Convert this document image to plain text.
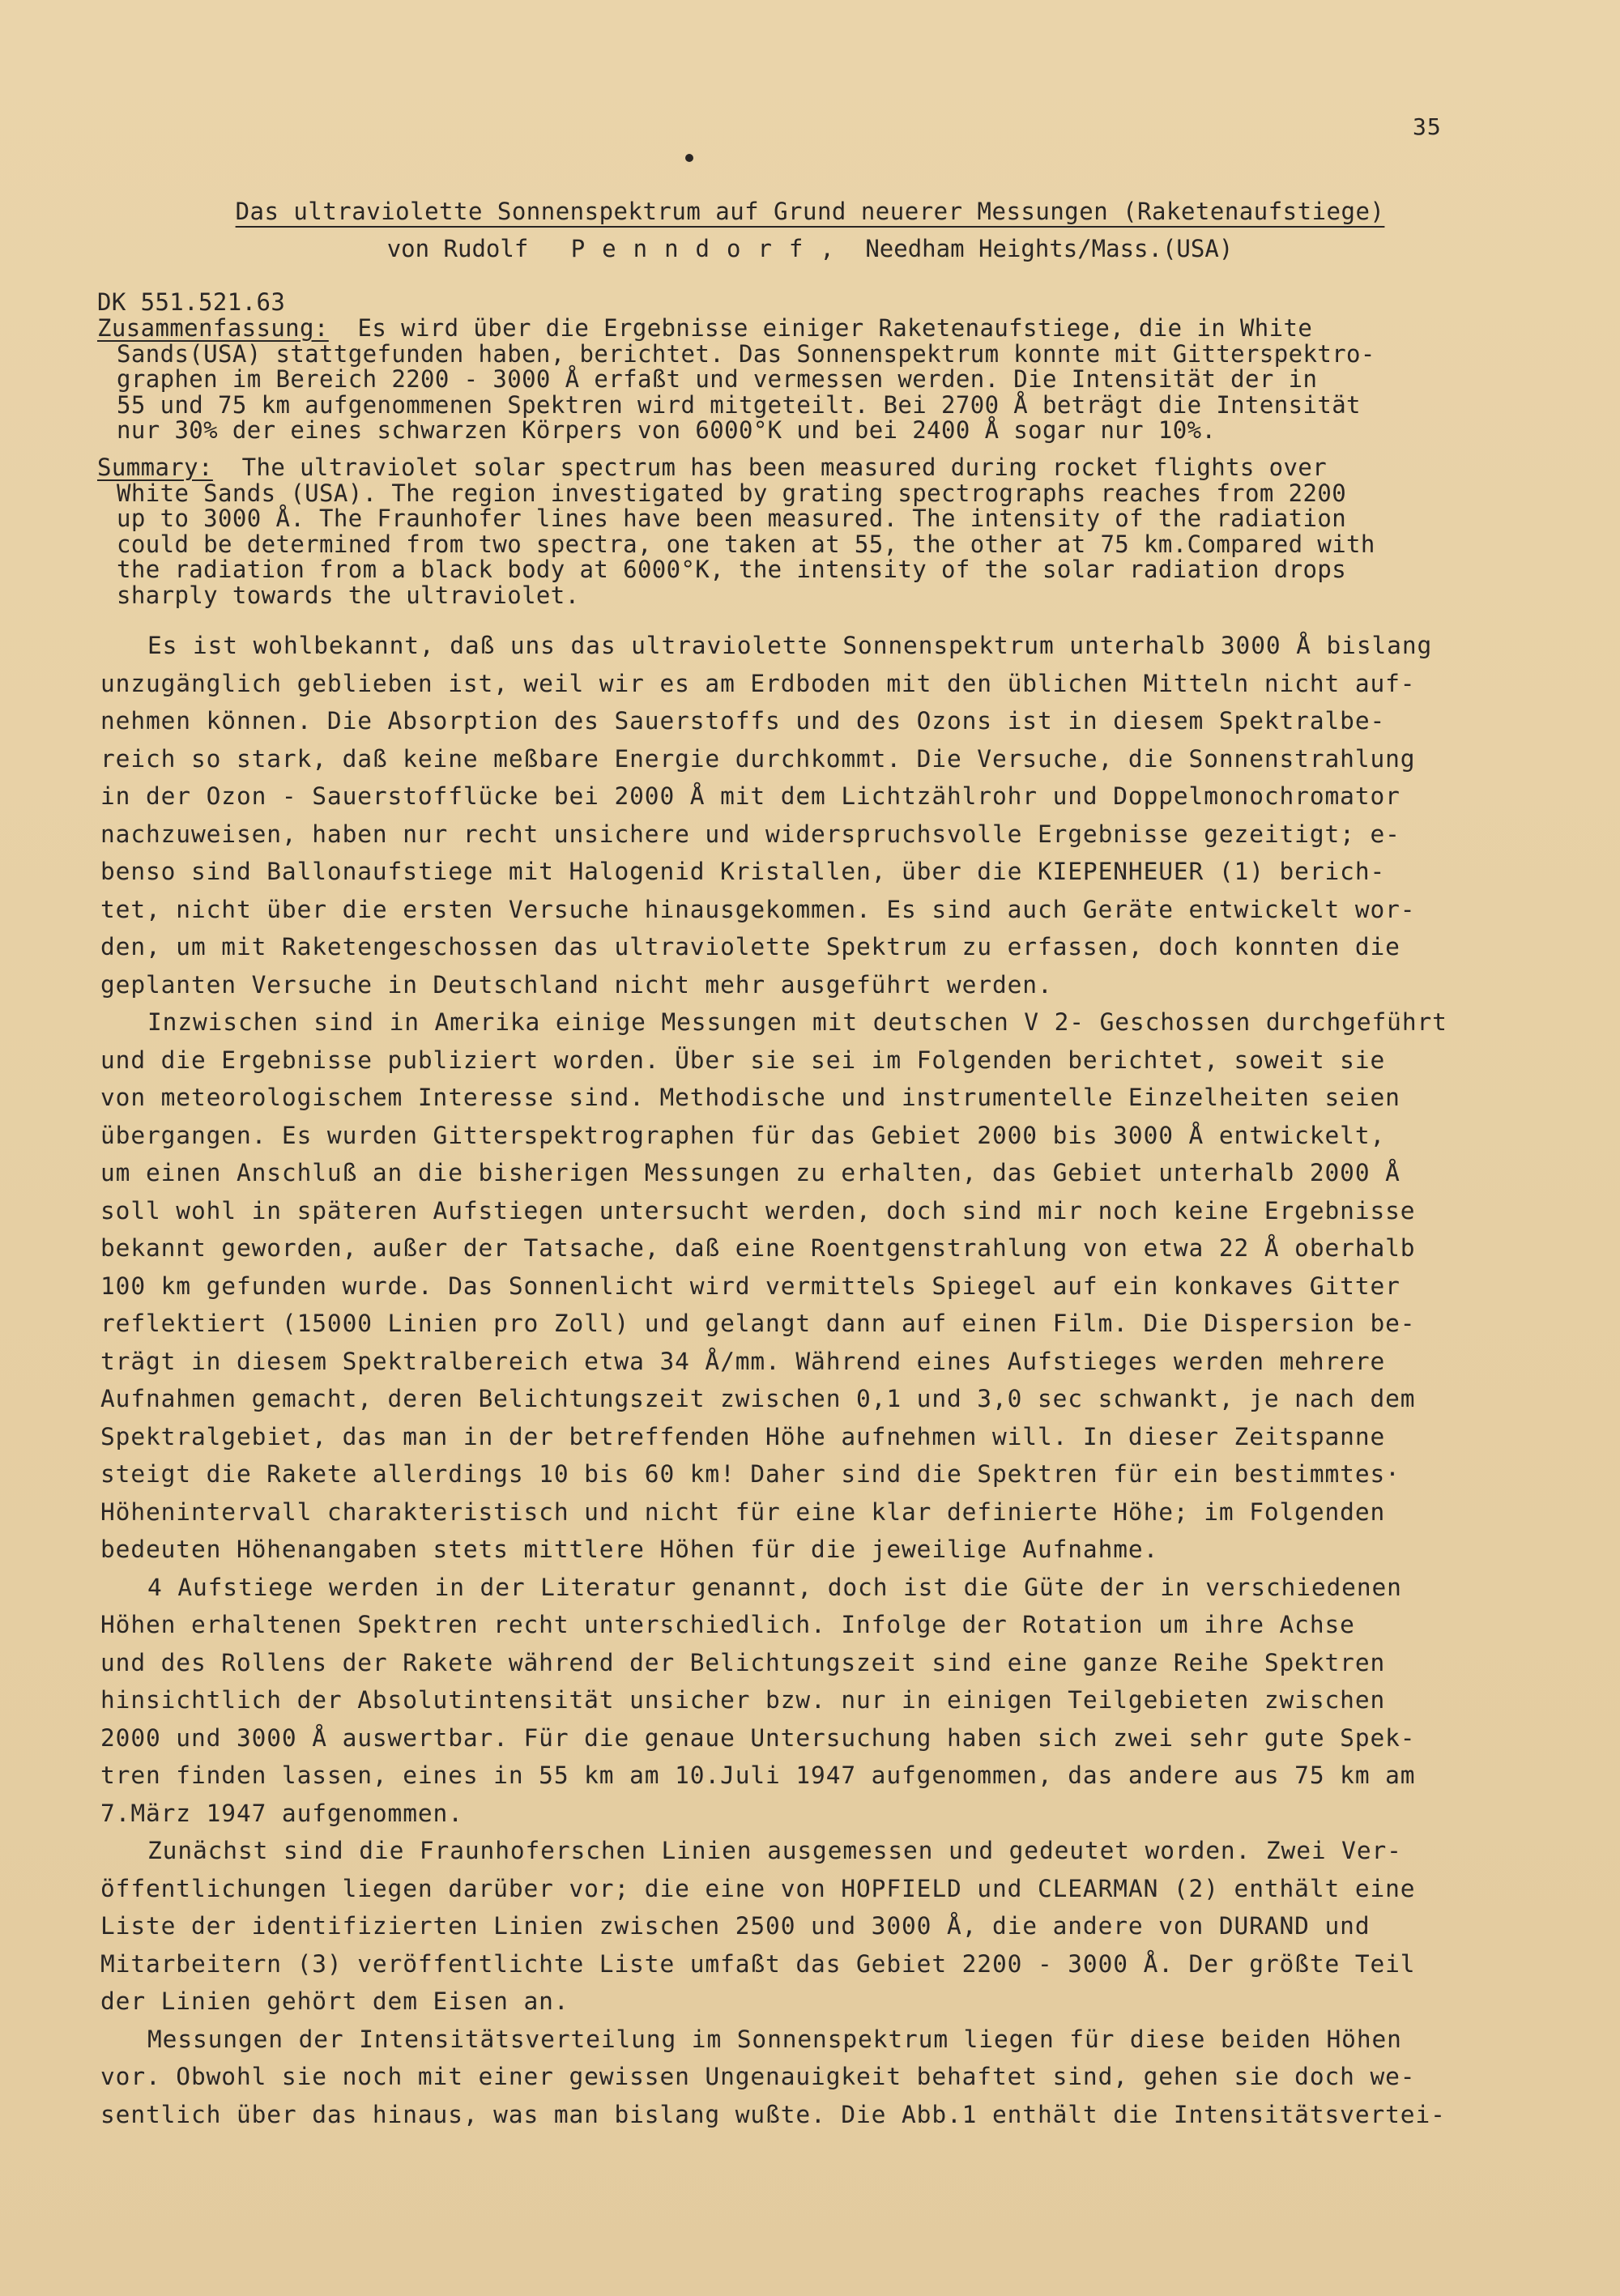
35
Das ultraviolette Sonnenspektrum auf Grund neuerer Messungen (Raketenaufstiege)
von Rudolf Penndorf, Needham Heights/Mass.(USA)
DK 551.521.63
Zusammenfassung: Es wird über die Ergebnisse einiger Raketenaufstiege, die in White
Sands(USA) stattgefunden haben, berichtet. Das Sonnenspektrum konnte mit Gitterspektro-
graphen im Bereich 2200 - 3000 Å erfaßt und vermessen werden. Die Intensität der in
55 und 75 km aufgenommenen Spektren wird mitgeteilt. Bei 2700 Å beträgt die Intensität
nur 30% der eines schwarzen Körpers von 6000°K und bei 2400 Å sogar nur 10%.
Summary: The ultraviolet solar spectrum has been measured during rocket flights over
White Sands (USA). The region investigated by grating spectrographs reaches from 2200
up to 3000 Å. The Fraunhofer lines have been measured. The intensity of the radiation
could be determined from two spectra, one taken at 55, the other at 75 km.Compared with
the radiation from a black body at 6000°K, the intensity of the solar radiation drops
sharply towards the ultraviolet.

Es ist wohlbekannt, daß uns das ultraviolette Sonnenspektrum unterhalb 3000 Å bislang
unzugänglich geblieben ist, weil wir es am Erdboden mit den üblichen Mitteln nicht auf-
nehmen können. Die Absorption des Sauerstoffs und des Ozons ist in diesem Spektralbe-
reich so stark, daß keine meßbare Energie durchkommt. Die Versuche, die Sonnenstrahlung
in der Ozon - Sauerstofflücke bei 2000 Å mit dem Lichtzählrohr und Doppelmonochromator
nachzuweisen, haben nur recht unsichere und widerspruchsvolle Ergebnisse gezeitigt; e-
benso sind Ballonaufstiege mit Halogenid Kristallen, über die KIEPENHEUER (1) berich-
tet, nicht über die ersten Versuche hinausgekommen. Es sind auch Geräte entwickelt wor-
den, um mit Raketengeschossen das ultraviolette Spektrum zu erfassen, doch konnten die
geplanten Versuche in Deutschland nicht mehr ausgeführt werden.

Inzwischen sind in Amerika einige Messungen mit deutschen V 2- Geschossen durchgeführt
und die Ergebnisse publiziert worden. Über sie sei im Folgenden berichtet, soweit sie
von meteorologischem Interesse sind. Methodische und instrumentelle Einzelheiten seien
übergangen. Es wurden Gitterspektrographen für das Gebiet 2000 bis 3000 Å entwickelt,
um einen Anschluß an die bisherigen Messungen zu erhalten, das Gebiet unterhalb 2000 Å
soll wohl in späteren Aufstiegen untersucht werden, doch sind mir noch keine Ergebnisse
bekannt geworden, außer der Tatsache, daß eine Roentgenstrahlung von etwa 22 Å oberhalb
100 km gefunden wurde. Das Sonnenlicht wird vermittels Spiegel auf ein konkaves Gitter
reflektiert (15000 Linien pro Zoll) und gelangt dann auf einen Film. Die Dispersion be-
trägt in diesem Spektralbereich etwa 34 Å/mm. Während eines Aufstieges werden mehrere
Aufnahmen gemacht, deren Belichtungszeit zwischen 0,1 und 3,0 sec schwankt, je nach dem
Spektralgebiet, das man in der betreffenden Höhe aufnehmen will. In dieser Zeitspanne
steigt die Rakete allerdings 10 bis 60 km! Daher sind die Spektren für ein bestimmtes·
Höhenintervall charakteristisch und nicht für eine klar definierte Höhe; im Folgenden
bedeuten Höhenangaben stets mittlere Höhen für die jeweilige Aufnahme.

4 Aufstiege werden in der Literatur genannt, doch ist die Güte der in verschiedenen
Höhen erhaltenen Spektren recht unterschiedlich. Infolge der Rotation um ihre Achse
und des Rollens der Rakete während der Belichtungszeit sind eine ganze Reihe Spektren
hinsichtlich der Absolutintensität unsicher bzw. nur in einigen Teilgebieten zwischen
2000 und 3000 Å auswertbar. Für die genaue Untersuchung haben sich zwei sehr gute Spek-
tren finden lassen, eines in 55 km am 10.Juli 1947 aufgenommen, das andere aus 75 km am
7.März 1947 aufgenommen.

Zunächst sind die Fraunhoferschen Linien ausgemessen und gedeutet worden. Zwei Ver-
öffentlichungen liegen darüber vor; die eine von HOPFIELD und CLEARMAN (2) enthält eine
Liste der identifizierten Linien zwischen 2500 und 3000 Å, die andere von DURAND und
Mitarbeitern (3) veröffentlichte Liste umfaßt das Gebiet 2200 - 3000 Å. Der größte Teil
der Linien gehört dem Eisen an.

Messungen der Intensitätsverteilung im Sonnenspektrum liegen für diese beiden Höhen
vor. Obwohl sie noch mit einer gewissen Ungenauigkeit behaftet sind, gehen sie doch we-
sentlich über das hinaus, was man bislang wußte. Die Abb.1 enthält die Intensitätsvertei-
